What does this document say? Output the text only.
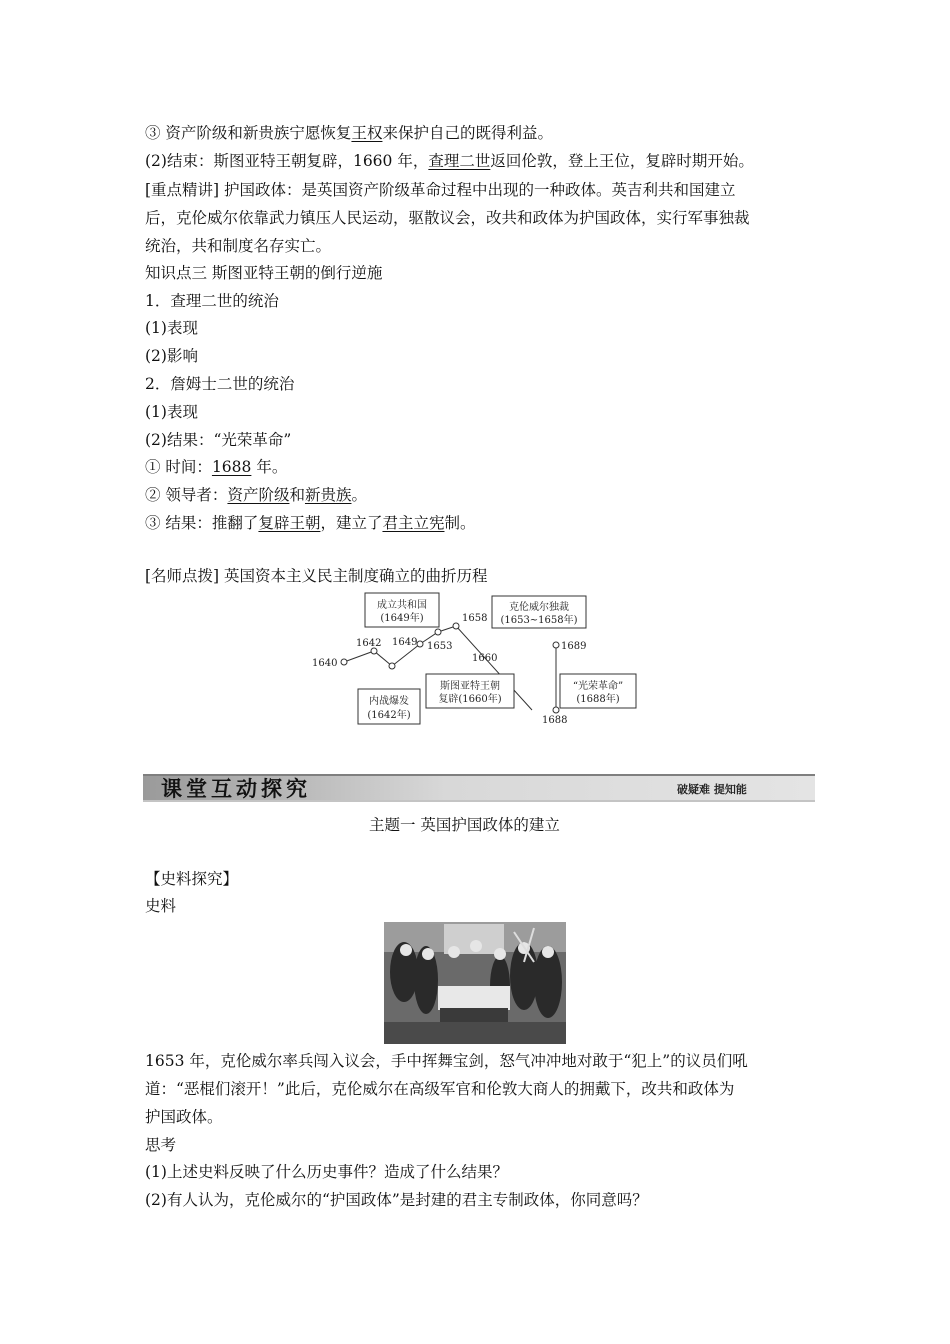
③ 资产阶级和新贵族宁愿恢复王权来保护自己的既得利益。
(2)结束：斯图亚特王朝复辟，1660 年，查理二世返回伦敦，登上王位，复辟时期开始。
[重点精讲] 护国政体：是英国资产阶级革命过程中出现的一种政体。英吉利共和国建立
后，克伦威尔依靠武力镇压人民运动，驱散议会，改共和政体为护国政体，实行军事独裁
统治，共和制度名存实亡。
知识点三 斯图亚特王朝的倒行逆施
1．查理二世的统治
(1)表现
(2)影响
2．詹姆士二世的统治
(1)表现
(2)结果：“光荣革命”
① 时间：1688 年。
② 领导者：资产阶级和新贵族。
③ 结果：推翻了复辟王朝，建立了君主立宪制。
[名师点拨] 英国资本主义民主制度确立的曲折历程
1640
1642 1649 1653
1658
1660
1688
1689
成立共和国
(1649年)
克伦威尔独裁
(1653~1658年)
内战爆发
(1642年)
斯图亚特王朝
复辟(1660年)
“光荣革命”
(1688年)
课堂互动探究	破疑难 提知能
主题一 英国护国政体的建立
【史料探究】
史料
1653 年，克伦威尔率兵闯入议会，手中挥舞宝剑，怒气冲冲地对敢于“犯上”的议员们吼
道：“恶棍们滚开！”此后，克伦威尔在高级军官和伦敦大商人的拥戴下，改共和政体为
护国政体。
思考
(1)上述史料反映了什么历史事件？造成了什么结果？
(2)有人认为，克伦威尔的“护国政体”是封建的君主专制政体，你同意吗？
